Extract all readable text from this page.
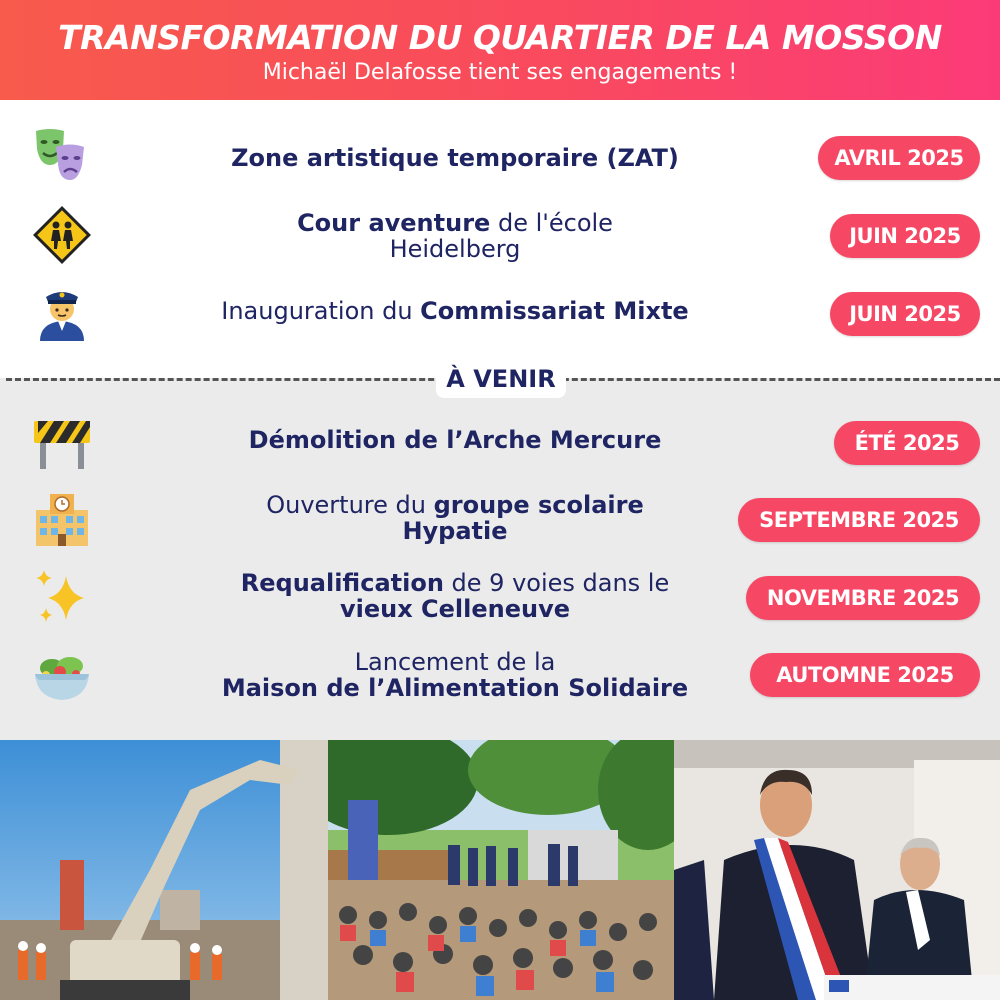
TRANSFORMATION DU QUARTIER DE LA MOSSON
Michaël Delafosse tient ses engagements !
Zone artistique temporaire (ZAT)	AVRIL 2025
Cour aventure de l'école
Heidelberg	JUIN 2025
Inauguration du Commissariat Mixte	JUIN 2025
Démolition de l’Arche Mercure	ÉTÉ 2025
Ouverture du groupe scolaire
Hypatie	SEPTEMBRE 2025
Requalification de 9 voies dans le
vieux Celleneuve	NOVEMBRE 2025
Lancement de la
Maison de l’Alimentation Solidaire	AUTOMNE 2025
À VENIR
